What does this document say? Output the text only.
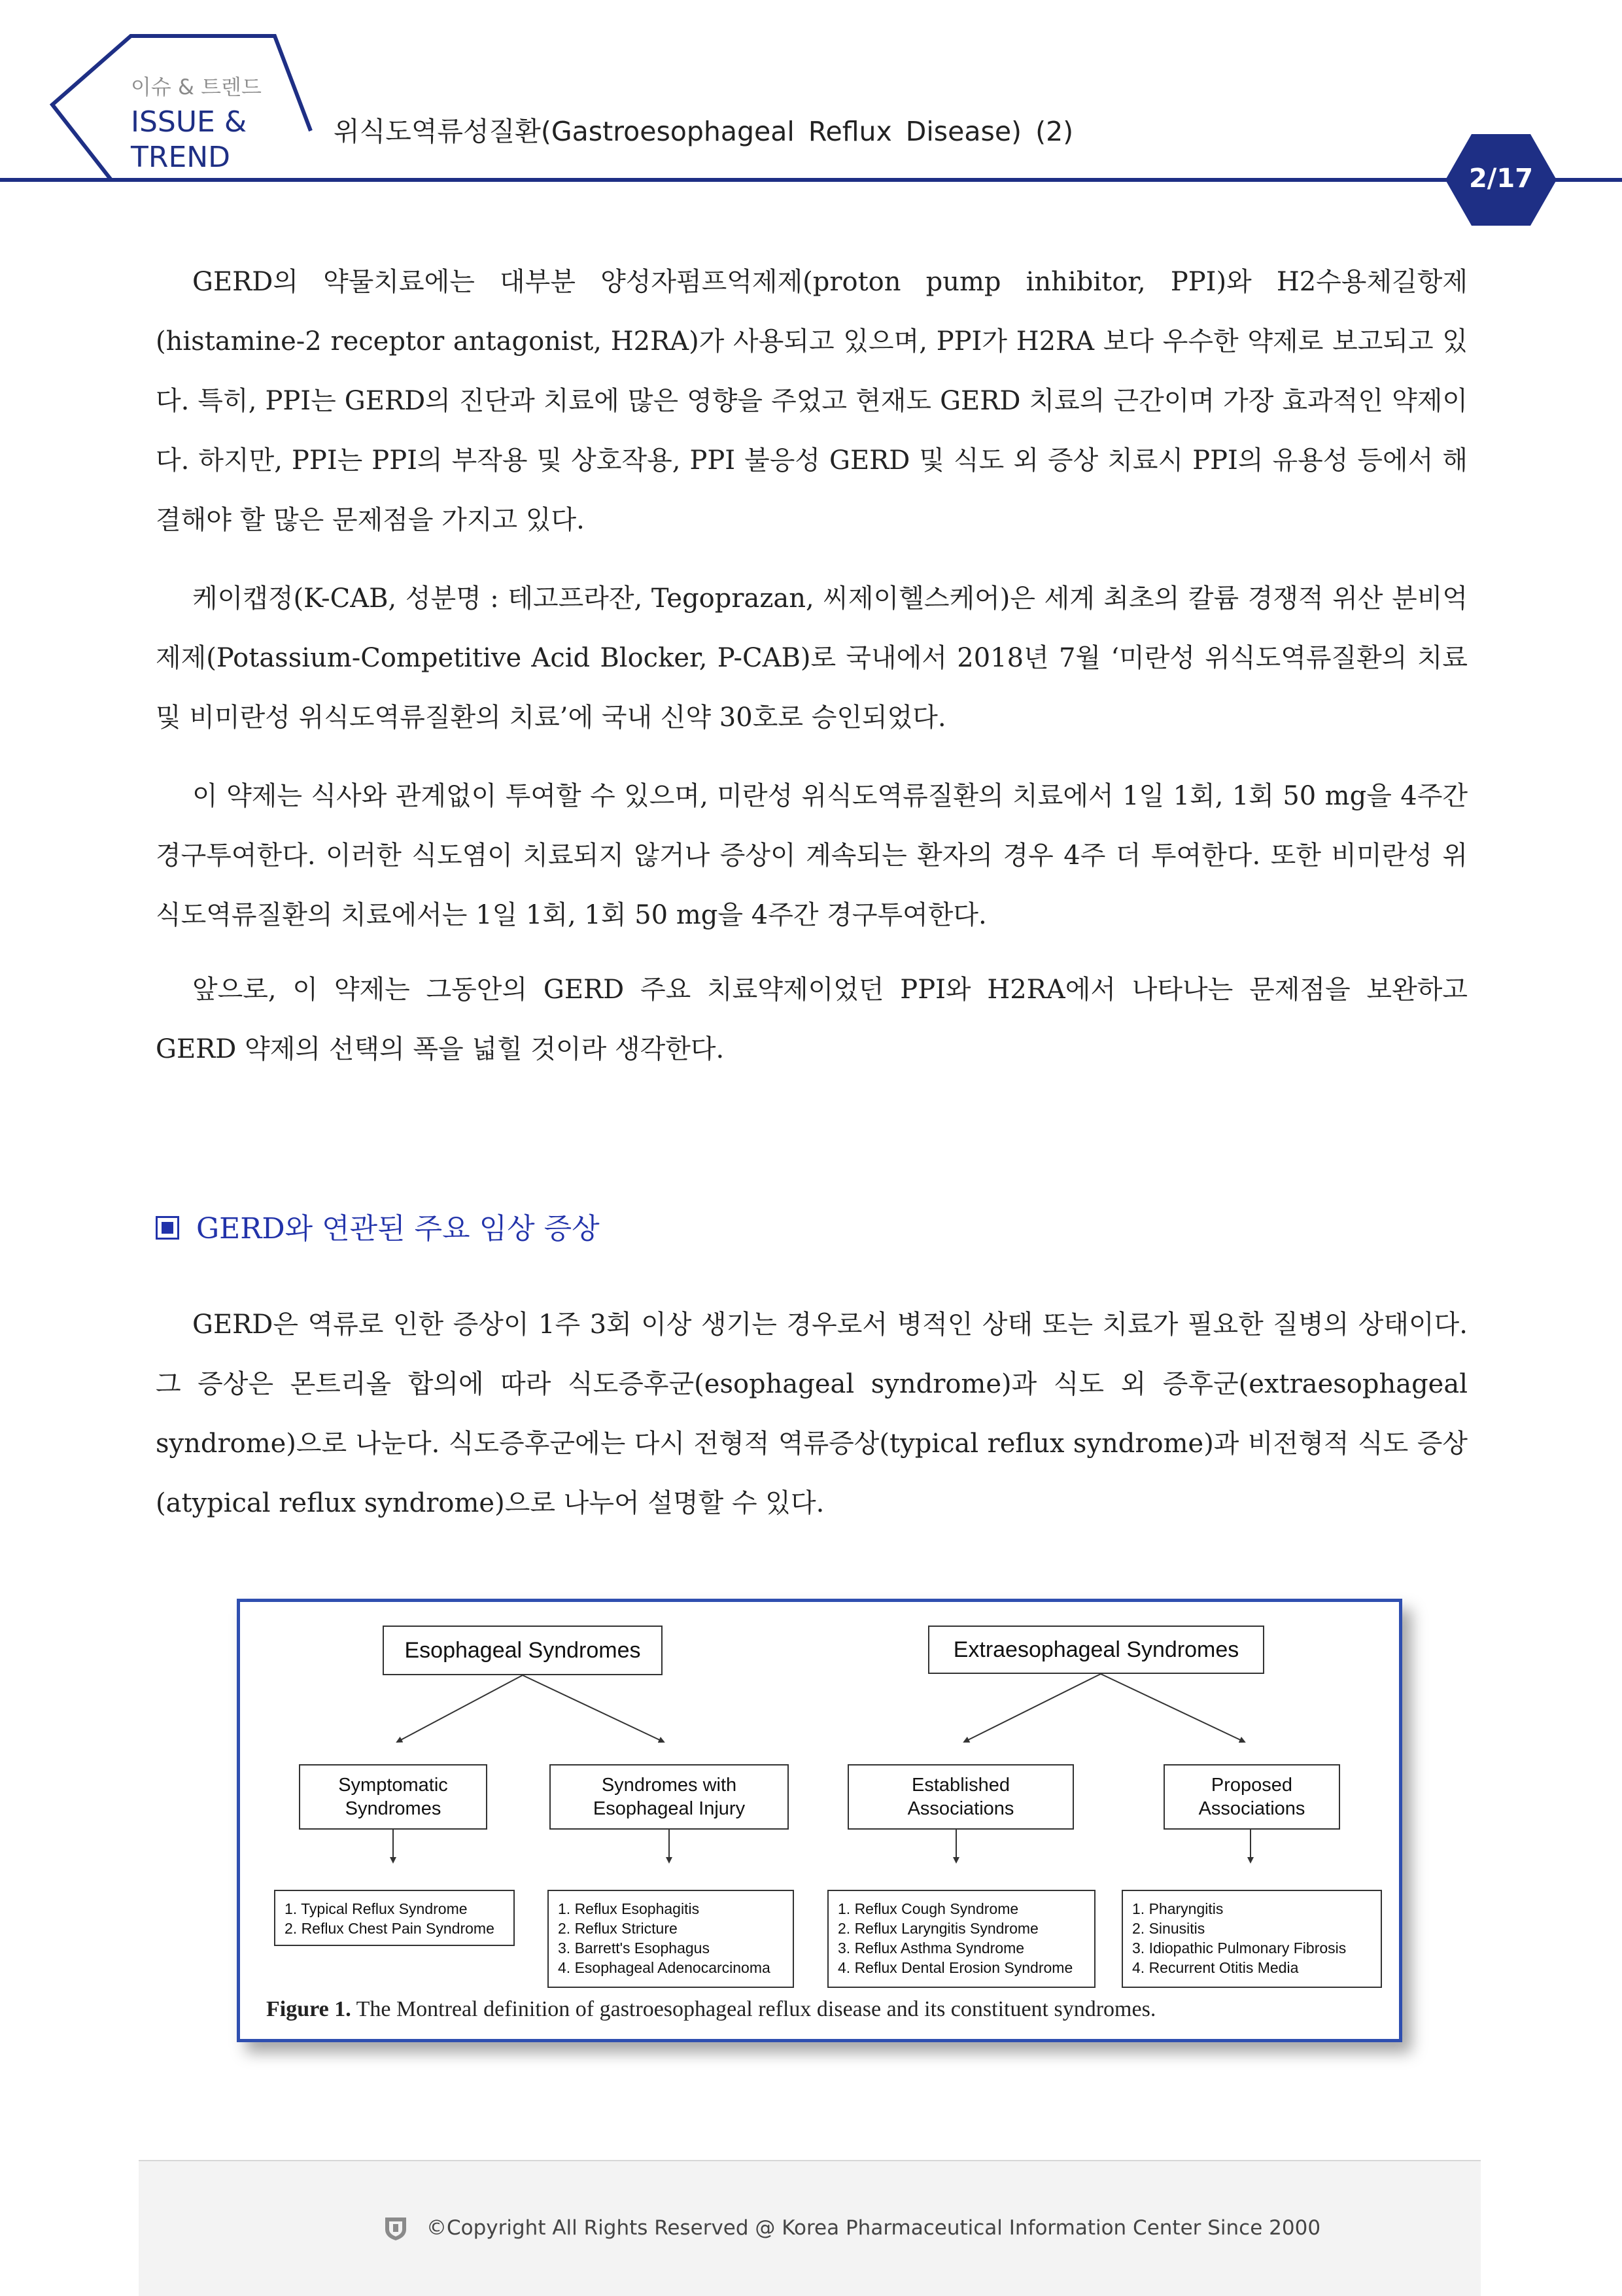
이슈 & 트렌드
ISSUE &
TREND
위식도역류성질환(Gastroesophageal Reflux Disease) (2)
2/17

GERD의 약물치료에는 대부분 양성자펌프억제제(proton pump inhibitor, PPI)와 H2수용체길항제(histamine-2 receptor antagonist, H2RA)가 사용되고 있으며, PPI가 H2RA 보다 우수한 약제로 보고되고 있다. 특히, PPI는 GERD의 진단과 치료에 많은 영향을 주었고 현재도 GERD 치료의 근간이며 가장 효과적인 약제이다. 하지만, PPI는 PPI의 부작용 및 상호작용, PPI 불응성 GERD 및 식도 외 증상 치료시 PPI의 유용성 등에서 해결해야 할 많은 문제점을 가지고 있다.

케이캡정(K-CAB, 성분명 : 테고프라잔, Tegoprazan, 씨제이헬스케어)은 세계 최초의 칼륨 경쟁적 위산 분비억제제(Potassium-Competitive Acid Blocker, P-CAB)로 국내에서 2018년 7월 ‘미란성 위식도역류질환의 치료 및 비미란성 위식도역류질환의 치료’에 국내 신약 30호로 승인되었다.

이 약제는 식사와 관계없이 투여할 수 있으며, 미란성 위식도역류질환의 치료에서 1일 1회, 1회 50 mg을 4주간 경구투여한다. 이러한 식도염이 치료되지 않거나 증상이 계속되는 환자의 경우 4주 더 투여한다. 또한 비미란성 위식도역류질환의 치료에서는 1일 1회, 1회 50 mg을 4주간 경구투여한다.

앞으로, 이 약제는 그동안의 GERD 주요 치료약제이었던 PPI와 H2RA에서 나타나는 문제점을 보완하고 GERD 약제의 선택의 폭을 넓힐 것이라 생각한다.

GERD와 연관된 주요 임상 증상

GERD은 역류로 인한 증상이 1주 3회 이상 생기는 경우로서 병적인 상태 또는 치료가 필요한 질병의 상태이다. 그 증상은 몬트리올 합의에 따라 식도증후군(esophageal syndrome)과 식도 외 증후군(extraesophageal syndrome)으로 나눈다. 식도증후군에는 다시 전형적 역류증상(typical reflux syndrome)과 비전형적 식도 증상(atypical reflux syndrome)으로 나누어 설명할 수 있다.

Esophageal Syndromes	Extraesophageal Syndromes
Symptomatic
Syndromes
Syndromes with
Esophageal Injury
Established
Associations
Proposed
Associations
1. Typical Reflux Syndrome
2. Reflux Chest Pain Syndrome
1. Reflux Esophagitis
2. Reflux Stricture
3. Barrett's Esophagus
4. Esophageal Adenocarcinoma
1. Reflux Cough Syndrome
2. Reflux Laryngitis Syndrome
3. Reflux Asthma Syndrome
4. Reflux Dental Erosion Syndrome
1. Pharyngitis
2. Sinusitis
3. Idiopathic Pulmonary Fibrosis
4. Recurrent Otitis Media
Figure 1. The Montreal definition of gastroesophageal reflux disease and its constituent syndromes.
©Copyright All Rights Reserved @ Korea Pharmaceutical Information Center Since 2000
